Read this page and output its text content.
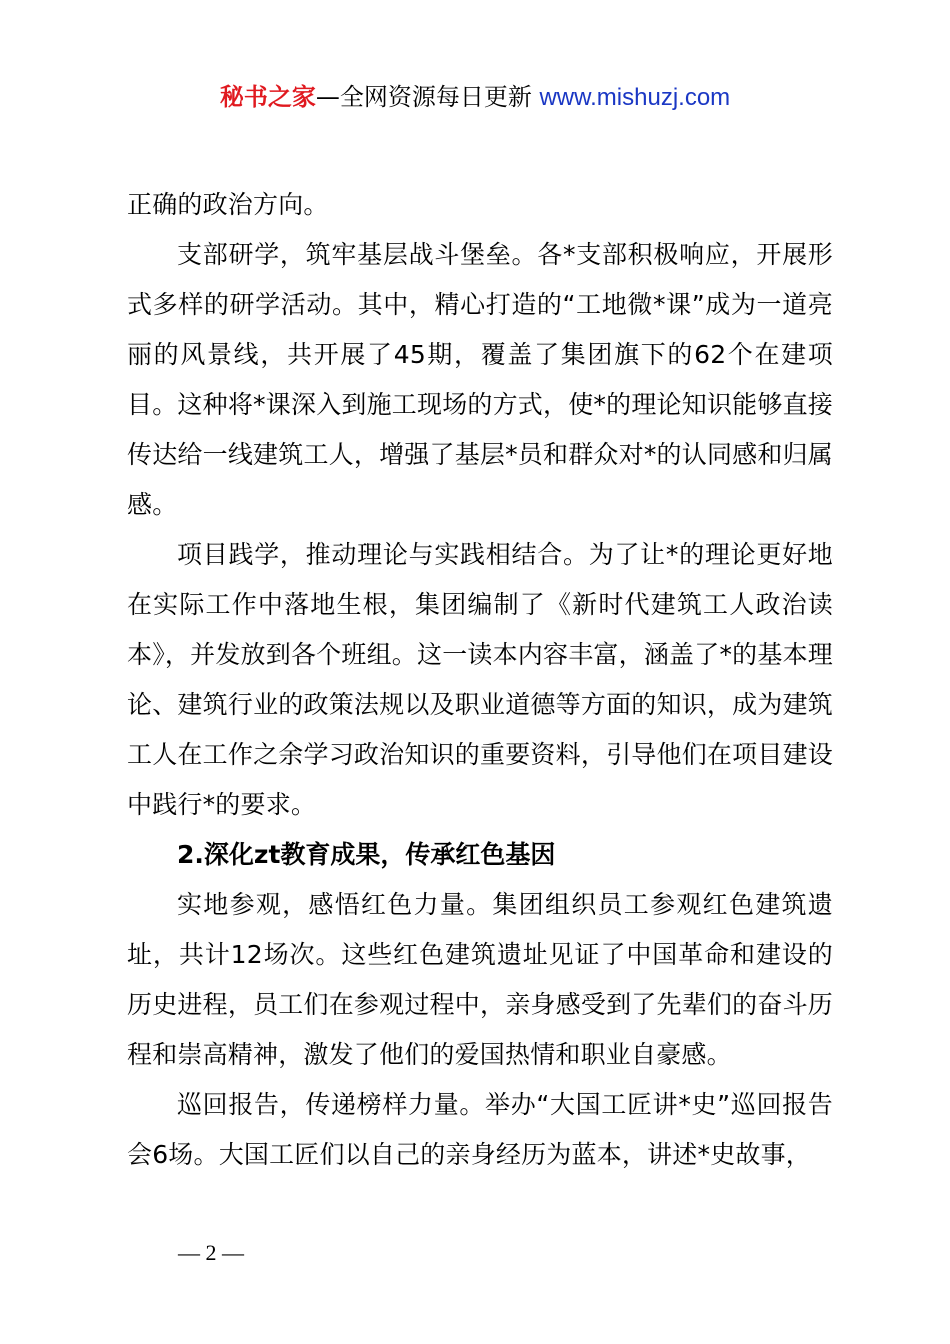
秘书之家—全网资源每日更新 www.mishuzj.com

正确的政治方向。

支部研学，筑牢基层战斗堡垒。各*支部积极响应，开展形式多样的研学活动。其中，精心打造的“工地微*课”成为一道亮丽的风景线，共开展了45期，覆盖了集团旗下的62个在建项目。这种将*课深入到施工现场的方式，使*的理论知识能够直接传达给一线建筑工人，增强了基层*员和群众对*的认同感和归属感。

项目践学，推动理论与实践相结合。为了让*的理论更好地在实际工作中落地生根，集团编制了《新时代建筑工人政治读本》，并发放到各个班组。这一读本内容丰富，涵盖了*的基本理论、建筑行业的政策法规以及职业道德等方面的知识，成为建筑工人在工作之余学习政治知识的重要资料，引导他们在项目建设中践行*的要求。

2.深化zt教育成果，传承红色基因

实地参观，感悟红色力量。集团组织员工参观红色建筑遗址，共计12场次。这些红色建筑遗址见证了中国革命和建设的历史进程，员工们在参观过程中，亲身感受到了先辈们的奋斗历程和崇高精神，激发了他们的爱国热情和职业自豪感。

巡回报告，传递榜样力量。举办“大国工匠讲*史”巡回报告会6场。大国工匠们以自己的亲身经历为蓝本，讲述*史故事，

— 2 —
